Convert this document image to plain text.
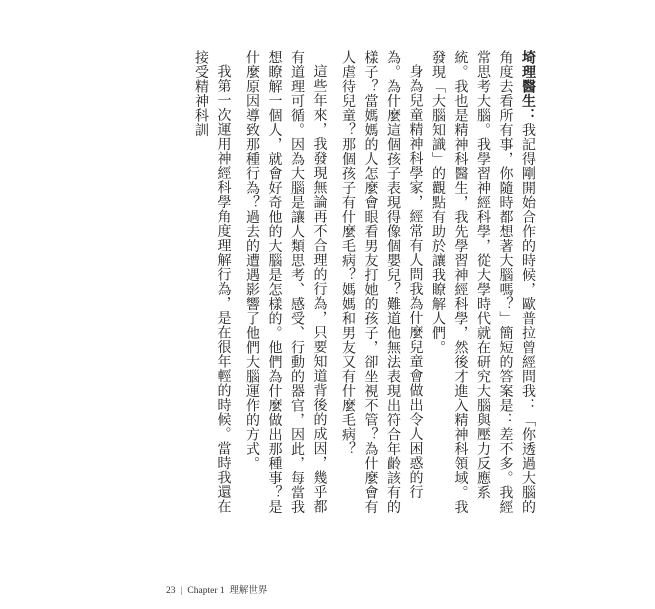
埼理醫生：我記得剛開始合作的時候，歐普拉曾經問我：「你透過大腦的角度去看所有事，你隨時都想著大腦嗎？」簡短的答案是：差不多。我經常思考大腦。我學習神經科學，從大學時代就在研究大腦與壓力反應系統。我也是精神科醫生，我先學習神經科學，然後才進入精神科領域。我發現「大腦知識」的觀點有助於讓我瞭解人們。

身為兒童精神科學家，經常有人問我為什麼兒童會做出令人困惑的行為。為什麼這個孩子表現得像個嬰兒？難道他無法表現出符合年齡該有的樣子？當媽媽的人怎麼會眼看男友打她的孩子，卻坐視不管？為什麼會有人虐待兒童？那個孩子有什麼毛病？媽媽和男友又有什麼毛病？

這些年來，我發現無論再不合理的行為，只要知道背後的成因，幾乎都有道理可循。因為大腦是讓人類思考、感受、行動的器官，因此，每當我想瞭解一個人，就會好奇他的大腦是怎樣的。他們為什麼做出那種事？是什麼原因導致那種行為？過去的遭遇影響了他們大腦運作的方式。

我第一次運用神經科學角度理解行為，是在很年輕的時候。當時我還在接受精神科訓

23 | Chapter 1 理解世界
